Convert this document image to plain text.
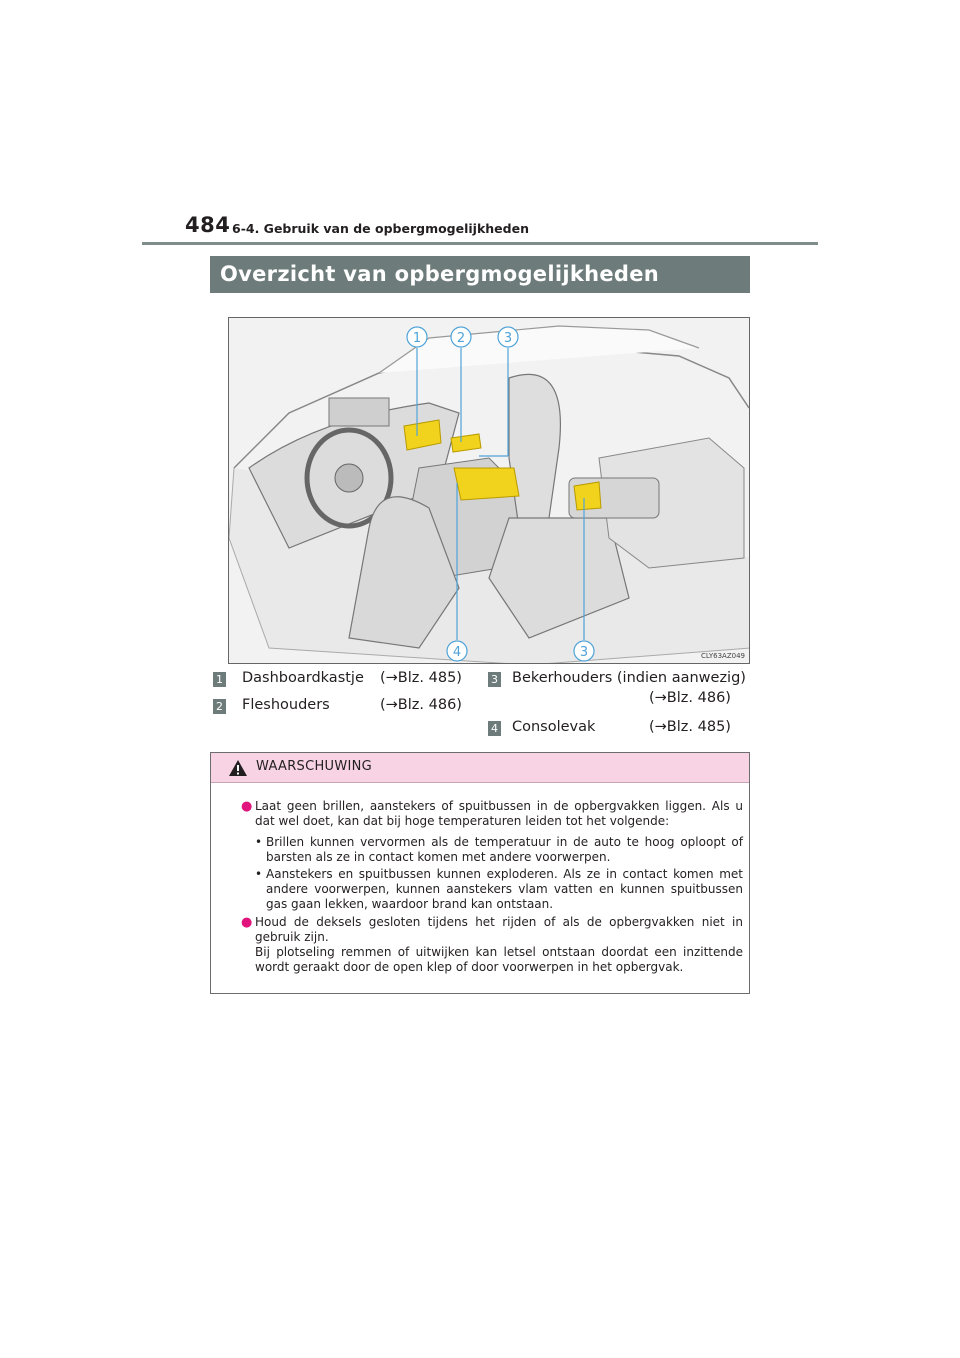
484 6-4. Gebruik van de opbergmogelijkheden
Overzicht van opbergmogelijkheden
1	2	3
4	3	CLY63AZ049
1 Dashboardkastje (→Blz. 485)
2 Fleshouders	(→Blz. 486)
3 Bekerhouders (indien aanwezig)
(→Blz. 486)
4 Consolevak	(→Blz. 485)
WAARSCHUWING
● Laat geen brillen, aanstekers of spuitbussen in de opbergvakken liggen. Als u dat wel doet, kan dat bij hoge temperaturen leiden tot het volgende:
• Brillen kunnen vervormen als de temperatuur in de auto te hoog oploopt of barsten als ze in contact komen met andere voorwerpen.
• Aanstekers en spuitbussen kunnen exploderen. Als ze in contact komen met andere voorwerpen, kunnen aanstekers vlam vatten en kunnen spuitbussen gas gaan lekken, waardoor brand kan ontstaan.
● Houd de deksels gesloten tijdens het rijden of als de opbergvakken niet in gebruik zijn.
Bij plotseling remmen of uitwijken kan letsel ontstaan doordat een inzittende wordt geraakt door de open klep of door voorwerpen in het opbergvak.
